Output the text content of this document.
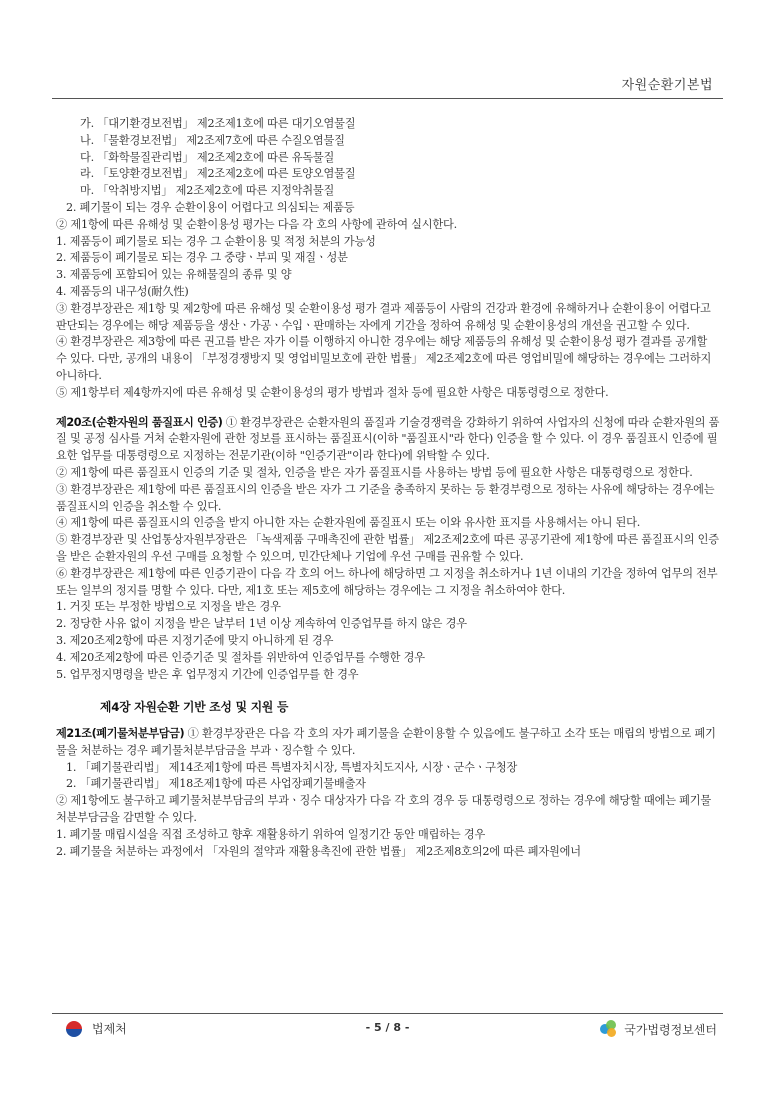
자원순환기본법

가. 「대기환경보전법」 제2조제1호에 따른 대기오염물질

나. 「물환경보전법」 제2조제7호에 따른 수질오염물질

다. 「화학물질관리법」 제2조제2호에 따른 유독물질

라. 「토양환경보전법」 제2조제2호에 따른 토양오염물질

마. 「악취방지법」 제2조제2호에 따른 지정악취물질

2. 폐기물이 되는 경우 순환이용이 어렵다고 의심되는 제품등

② 제1항에 따른 유해성 및 순환이용성 평가는 다음 각 호의 사항에 관하여 실시한다.

1. 제품등이 폐기물로 되는 경우 그 순환이용 및 적정 처분의 가능성

2. 제품등이 폐기물로 되는 경우 그 중량ㆍ부피 및 재질ㆍ성분

3. 제품등에 포함되어 있는 유해물질의 종류 및 양

4. 제품등의 내구성(耐久性)

③ 환경부장관은 제1항 및 제2항에 따른 유해성 및 순환이용성 평가 결과 제품등이 사람의 건강과 환경에 유해하거나 순환이용이 어렵다고 판단되는 경우에는 해당 제품등을 생산ㆍ가공ㆍ수입ㆍ판매하는 자에게 기간을 정하여 유해성 및 순환이용성의 개선을 권고할 수 있다.

④ 환경부장관은 제3항에 따른 권고를 받은 자가 이를 이행하지 아니한 경우에는 해당 제품등의 유해성 및 순환이용성 평가 결과를 공개할 수 있다. 다만, 공개의 내용이 「부정경쟁방지 및 영업비밀보호에 관한 법률」 제2조제2호에 따른 영업비밀에 해당하는 경우에는 그러하지 아니하다.

⑤ 제1항부터 제4항까지에 따른 유해성 및 순환이용성의 평가 방법과 절차 등에 필요한 사항은 대통령령으로 정한다.

제20조(순환자원의 품질표시 인증) ① 환경부장관은 순환자원의 품질과 기술경쟁력을 강화하기 위하여 사업자의 신청에 따라 순환자원의 품질 및 공정 심사를 거쳐 순환자원에 관한 정보를 표시하는 품질표시(이하 "품질표시"라 한다) 인증을 할 수 있다. 이 경우 품질표시 인증에 필요한 업무를 대통령령으로 지정하는 전문기관(이하 "인증기관"이라 한다)에 위탁할 수 있다.

② 제1항에 따른 품질표시 인증의 기준 및 절차, 인증을 받은 자가 품질표시를 사용하는 방법 등에 필요한 사항은 대통령령으로 정한다.

③ 환경부장관은 제1항에 따른 품질표시의 인증을 받은 자가 그 기준을 충족하지 못하는 등 환경부령으로 정하는 사유에 해당하는 경우에는 품질표시의 인증을 취소할 수 있다.

④ 제1항에 따른 품질표시의 인증을 받지 아니한 자는 순환자원에 품질표시 또는 이와 유사한 표지를 사용해서는 아니 된다.

⑤ 환경부장관 및 산업통상자원부장관은 「녹색제품 구매촉진에 관한 법률」 제2조제2호에 따른 공공기관에 제1항에 따른 품질표시의 인증을 받은 순환자원의 우선 구매를 요청할 수 있으며, 민간단체나 기업에 우선 구매를 권유할 수 있다.

⑥ 환경부장관은 제1항에 따른 인증기관이 다음 각 호의 어느 하나에 해당하면 그 지정을 취소하거나 1년 이내의 기간을 정하여 업무의 전부 또는 일부의 정지를 명할 수 있다. 다만, 제1호 또는 제5호에 해당하는 경우에는 그 지정을 취소하여야 한다.

1. 거짓 또는 부정한 방법으로 지정을 받은 경우

2. 정당한 사유 없이 지정을 받은 날부터 1년 이상 계속하여 인증업무를 하지 않은 경우

3. 제20조제2항에 따른 지정기준에 맞지 아니하게 된 경우

4. 제20조제2항에 따른 인증기준 및 절차를 위반하여 인증업무를 수행한 경우

5. 업무정지명령을 받은 후 업무정지 기간에 인증업무를 한 경우

제4장 자원순환 기반 조성 및 지원 등

제21조(폐기물처분부담금) ① 환경부장관은 다음 각 호의 자가 폐기물을 순환이용할 수 있음에도 불구하고 소각 또는 매립의 방법으로 폐기물을 처분하는 경우 폐기물처분부담금을 부과ㆍ징수할 수 있다.

1. 「폐기물관리법」 제14조제1항에 따른 특별자치시장, 특별자치도지사, 시장ㆍ군수ㆍ구청장

2. 「폐기물관리법」 제18조제1항에 따른 사업장폐기물배출자

② 제1항에도 불구하고 폐기물처분부담금의 부과ㆍ징수 대상자가 다음 각 호의 경우 등 대통령령으로 정하는 경우에 해당할 때에는 폐기물처분부담금을 감면할 수 있다.

1. 폐기물 매립시설을 직접 조성하고 향후 재활용하기 위하여 일정기간 동안 매립하는 경우

2. 폐기물을 처분하는 과정에서 「자원의 절약과 재활용촉진에 관한 법률」 제2조제8호의2에 따른 폐자원에너

법제처	- 5 / 8 -	국가법령정보센터
